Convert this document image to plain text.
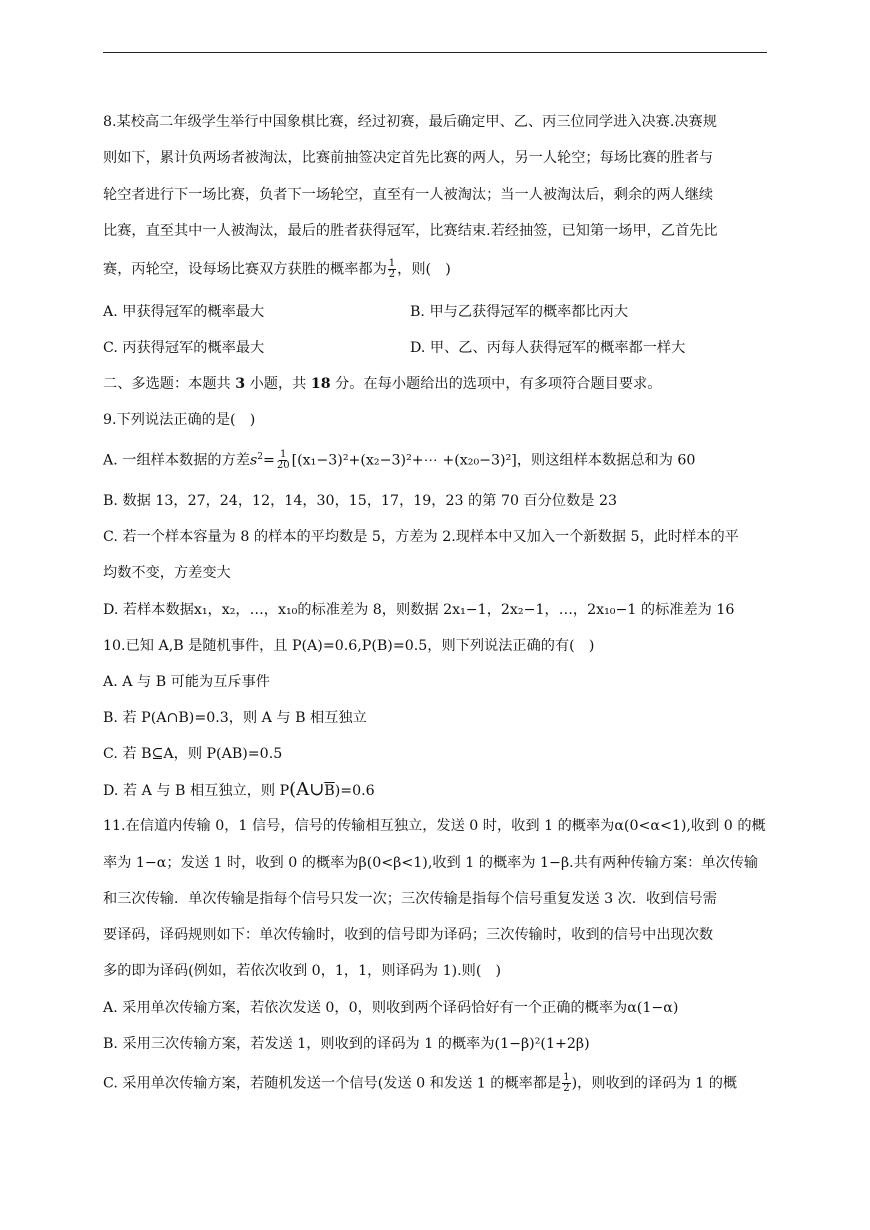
8.某校高二年级学生举行中国象棋比赛，经过初赛，最后确定甲、乙、丙三位同学进入决赛.决赛规
则如下，累计负两场者被淘汰，比赛前抽签决定首先比赛的两人，另一人轮空；每场比赛的胜者与
轮空者进行下一场比赛，负者下一场轮空，直至有一人被淘汰；当一人被淘汰后，剩余的两人继续
比赛，直至其中一人被淘汰，最后的胜者获得冠军，比赛结束.若经抽签，已知第一场甲，乙首先比
赛，丙轮空，设每场比赛双方获胜的概率都为 $\frac{1}{2}$ ，则(　)
A. 甲获得冠军的概率最大	B. 甲与乙获得冠军的概率都比丙大
C. 丙获得冠军的概率最大	D. 甲、乙、丙每人获得冠军的概率都一样大
二、多选题：本题共 3 小题，共 18 分。在每小题给出的选项中，有多项符合题目要求。
9.下列说法正确的是(　)
A. 一组样本数据的方差$s^2= \frac{1}{20}$ [(x₁−3)²+(x₂−3)²+⋯ +(x₂₀−3)²]，则这组样本数据总和为 60
B. 数据 13，27，24，12，14，30，15，17，19，23 的第 70 百分位数是 23
C. 若一个样本容量为 8 的样本的平均数是 5，方差为 2.现样本中又加入一个新数据 5，此时样本的平
均数不变，方差变大
D. 若样本数据x₁，x₂，…，x₁₀的标准差为 8，则数据 2x₁−1，2x₂−1，…，2x₁₀−1 的标准差为 16
10.已知 A,B 是随机事件，且 P(A)=0.6,P(B)=0.5，则下列说法正确的有(　)
A. A 与 B 可能为互斥事件
B. 若 P(A∩B)=0.3，则 A 与 B 相互独立
C. 若 B⊆A，则 P(AB)=0.5
D. 若 A 与 B 相互独立，则 $P(A\cup\overline{B})=0.6$
11.在信道内传输 0，1 信号，信号的传输相互独立，发送 0 时，收到 1 的概率为α(0<α<1),收到 0 的概
率为 1−α；发送 1 时，收到 0 的概率为β(0<β<1),收到 1 的概率为 1−β.共有两种传输方案：单次传输
和三次传输．单次传输是指每个信号只发一次；三次传输是指每个信号重复发送 3 次．收到信号需
要译码，译码规则如下：单次传输时，收到的信号即为译码；三次传输时，收到的信号中出现次数
多的即为译码(例如，若依次收到 0，1，1，则译码为 1).则(　)
A. 采用单次传输方案，若依次发送 0，0，则收到两个译码恰好有一个正确的概率为α(1−α)
B. 采用三次传输方案，若发送 1，则收到的译码为 1 的概率为(1−β)²(1+2β)
C. 采用单次传输方案，若随机发送一个信号(发送 0 和发送 1 的概率都是 $\frac{1}{2}$ )，则收到的译码为 1 的概
